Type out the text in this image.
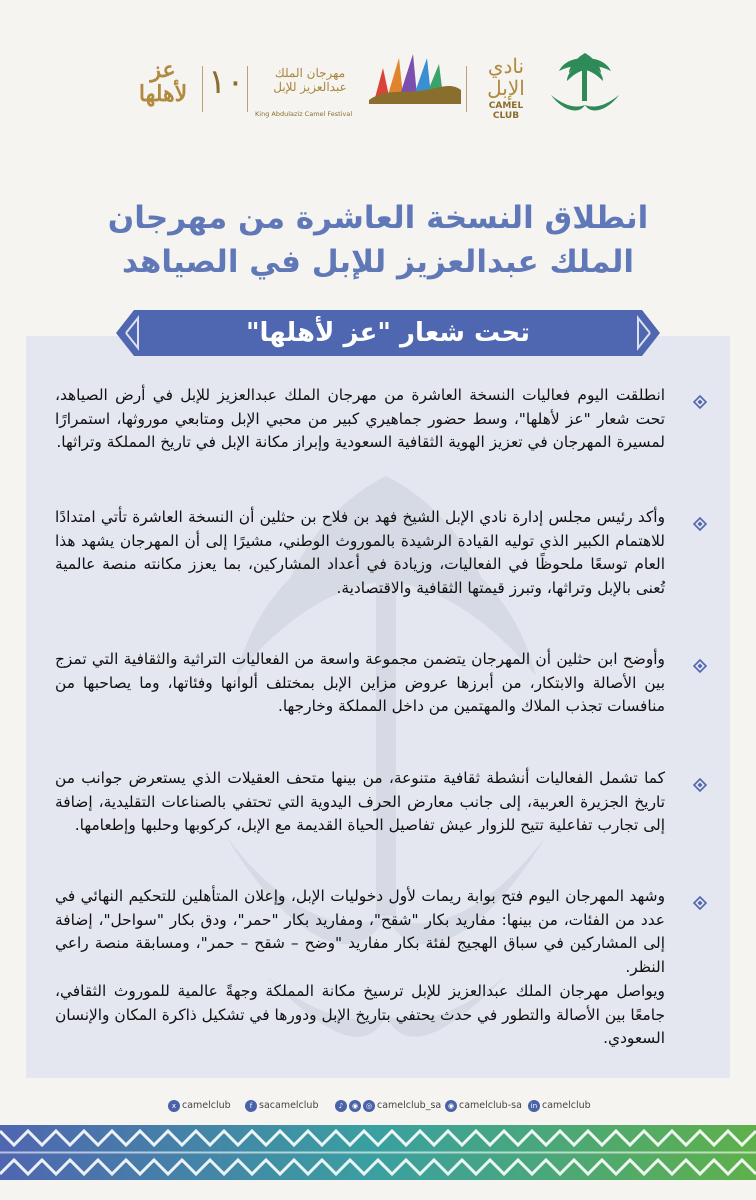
نادي الإبل
CAMEL CLUB
مهرجان الملك
عبدالعزيز للإبل
King Abdulaziz Camel Festival
١٠
عز
لأهلها
انطلاق النسخة العاشرة من مهرجان
الملك عبدالعزيز للإبل في الصياهد
تحت شعار "عز لأهلها"
انطلقت اليوم فعاليات النسخة العاشرة من مهرجان الملك عبدالعزيز للإبل في أرض الصياهد، تحت شعار "عز لأهلها"، وسط حضور جماهيري كبير من محبي الإبل ومتابعي موروثها، استمرارًا لمسيرة المهرجان في تعزيز الهوية الثقافية السعودية وإبراز مكانة الإبل في تاريخ المملكة وتراثها.
وأكد رئيس مجلس إدارة نادي الإبل الشيخ فهد بن فلاح بن حثلين أن النسخة العاشرة تأتي امتدادًا للاهتمام الكبير الذي توليه القيادة الرشيدة بالموروث الوطني، مشيرًا إلى أن المهرجان يشهد هذا العام توسعًا ملحوظًا في الفعاليات، وزيادة في أعداد المشاركين، بما يعزز مكانته منصة عالمية تُعنى بالإبل وتراثها، وتبرز قيمتها الثقافية والاقتصادية.
وأوضح ابن حثلين أن المهرجان يتضمن مجموعة واسعة من الفعاليات التراثية والثقافية التي تمزج بين الأصالة والابتكار، من أبرزها عروض مزاين الإبل بمختلف ألوانها وفئاتها، وما يصاحبها من منافسات تجذب الملاك والمهتمين من داخل المملكة وخارجها.
كما تشمل الفعاليات أنشطة ثقافية متنوعة، من بينها متحف العقيلات الذي يستعرض جوانب من تاريخ الجزيرة العربية، إلى جانب معارض الحرف اليدوية التي تحتفي بالصناعات التقليدية، إضافة إلى تجارب تفاعلية تتيح للزوار عيش تفاصيل الحياة القديمة مع الإبل، كركوبها وحلبها وإطعامها.
وشهد المهرجان اليوم فتح بوابة ريمات لأول دخوليات الإبل، وإعلان المتأهلين للتحكيم النهائي في عدد من الفئات، من بينها: مفاريد بكار "شقح"، ومفاريد بكار "حمر"، ودق بكار "سواحل"، إضافة إلى المشاركين في سباق الهجيج لفئة بكار مفاريد "وضح – شقح – حمر"، ومسابقة منصة راعي النظر.
ويواصل مهرجان الملك عبدالعزيز للإبل ترسيخ مكانة المملكة وجهةً عالمية للموروث الثقافي، جامعًا بين الأصالة والتطور في حدث يحتفي بتاريخ الإبل ودورها في تشكيل ذاكرة المكان والإنسان السعودي.
x camelclub	f sacamelclub	♪ ◉ ◎ camelclub_sa ◉ camelclub-sa	in camelclub
